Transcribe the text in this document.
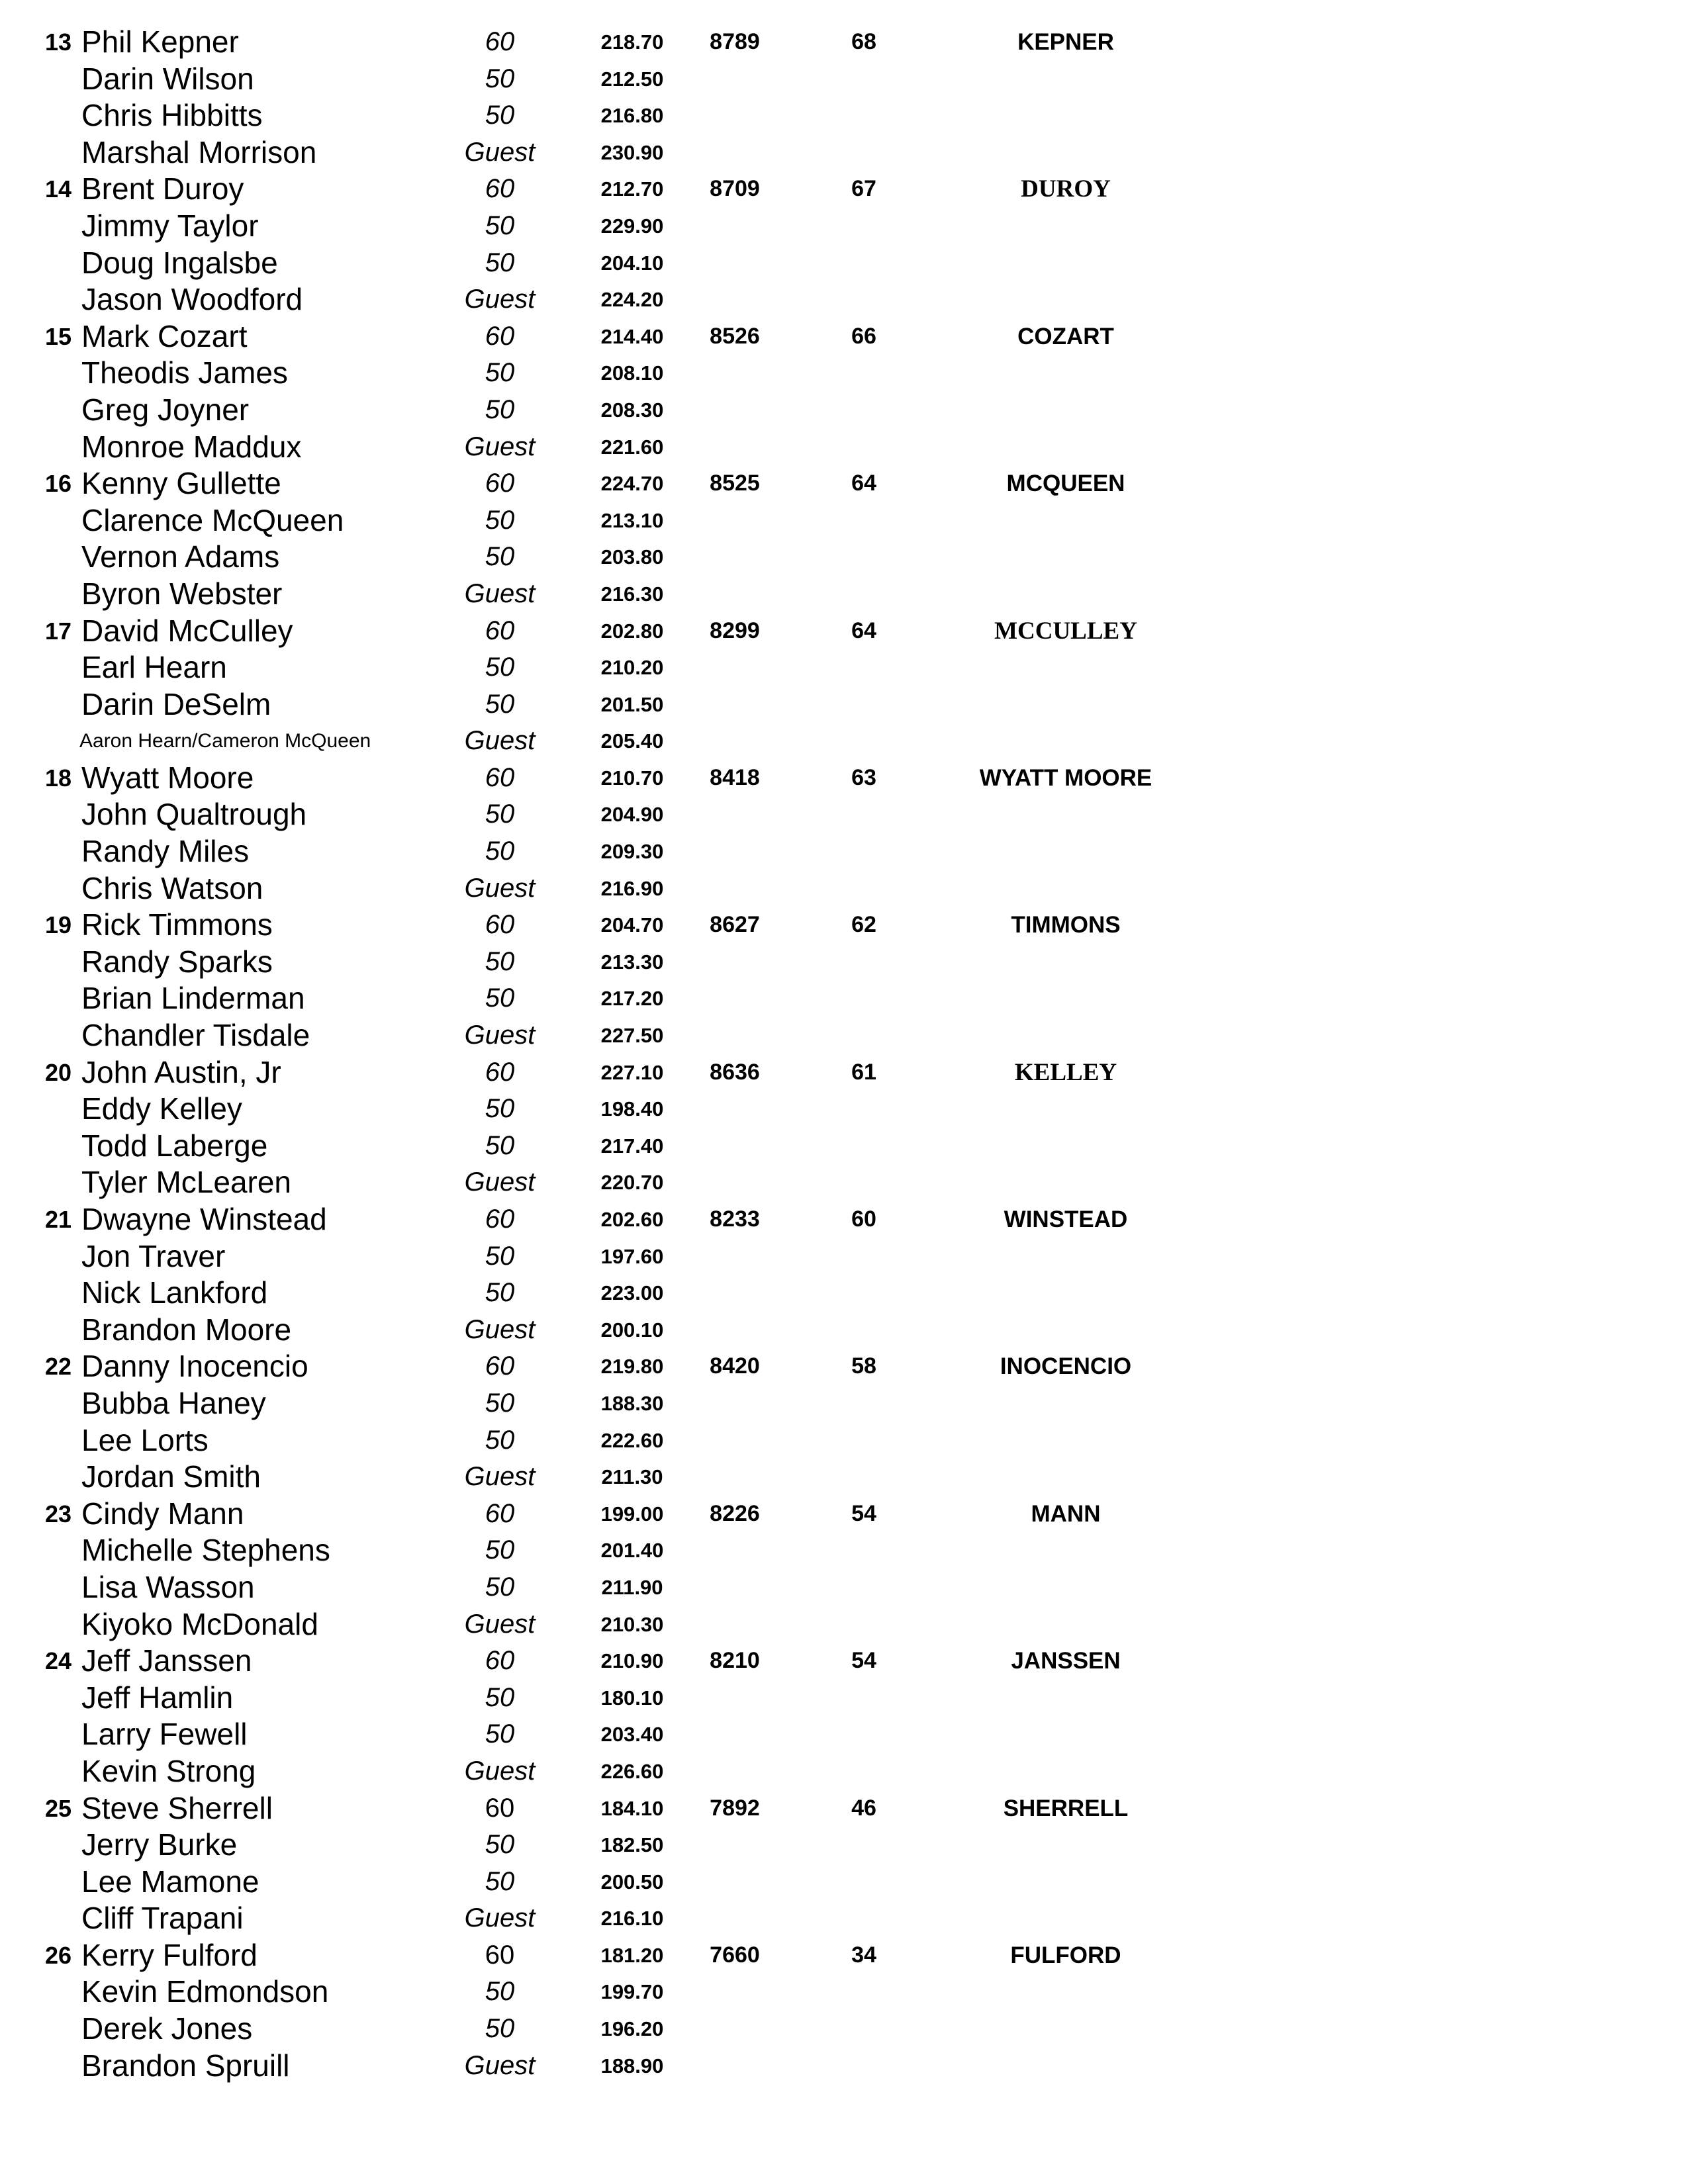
13 Phil Kepner	60	218.70	8789	68	KEPNER
Darin Wilson	50	212.50
Chris Hibbitts	50	216.80
Marshal Morrison	Guest	230.90
14 Brent Duroy	60	212.70	8709	67	DUROY
Jimmy Taylor	50	229.90
Doug Ingalsbe	50	204.10
Jason Woodford	Guest	224.20
15 Mark Cozart	60	214.40	8526	66	COZART
Theodis James	50	208.10
Greg Joyner	50	208.30
Monroe Maddux	Guest	221.60
16 Kenny Gullette	60	224.70	8525	64	MCQUEEN
Clarence McQueen	50	213.10
Vernon Adams	50	203.80
Byron Webster	Guest	216.30
17 David McCulley	60	202.80	8299	64	MCCULLEY
Earl Hearn	50	210.20
Darin DeSelm	50	201.50
Aaron Hearn/Cameron McQueen	Guest	205.40
18 Wyatt Moore	60	210.70	8418	63	WYATT MOORE
John Qualtrough	50	204.90
Randy Miles	50	209.30
Chris Watson	Guest	216.90
19 Rick Timmons	60	204.70	8627	62	TIMMONS
Randy Sparks	50	213.30
Brian Linderman	50	217.20
Chandler Tisdale	Guest	227.50
20 John Austin, Jr	60	227.10	8636	61	KELLEY
Eddy Kelley	50	198.40
Todd Laberge	50	217.40
Tyler McLearen	Guest	220.70
21 Dwayne Winstead	60	202.60	8233	60	WINSTEAD
Jon Traver	50	197.60
Nick Lankford	50	223.00
Brandon Moore	Guest	200.10
22 Danny Inocencio	60	219.80	8420	58	INOCENCIO
Bubba Haney	50	188.30
Lee Lorts	50	222.60
Jordan Smith	Guest	211.30
23 Cindy Mann	60	199.00	8226	54	MANN
Michelle Stephens	50	201.40
Lisa Wasson	50	211.90
Kiyoko McDonald	Guest	210.30
24 Jeff Janssen	60	210.90	8210	54	JANSSEN
Jeff Hamlin	50	180.10
Larry Fewell	50	203.40
Kevin Strong	Guest	226.60
25 Steve Sherrell	60	184.10	7892	46	SHERRELL
Jerry Burke	50	182.50
Lee Mamone	50	200.50
Cliff Trapani	Guest	216.10
26 Kerry Fulford	60	181.20	7660	34	FULFORD
Kevin Edmondson	50	199.70
Derek Jones	50	196.20
Brandon Spruill	Guest	188.90
